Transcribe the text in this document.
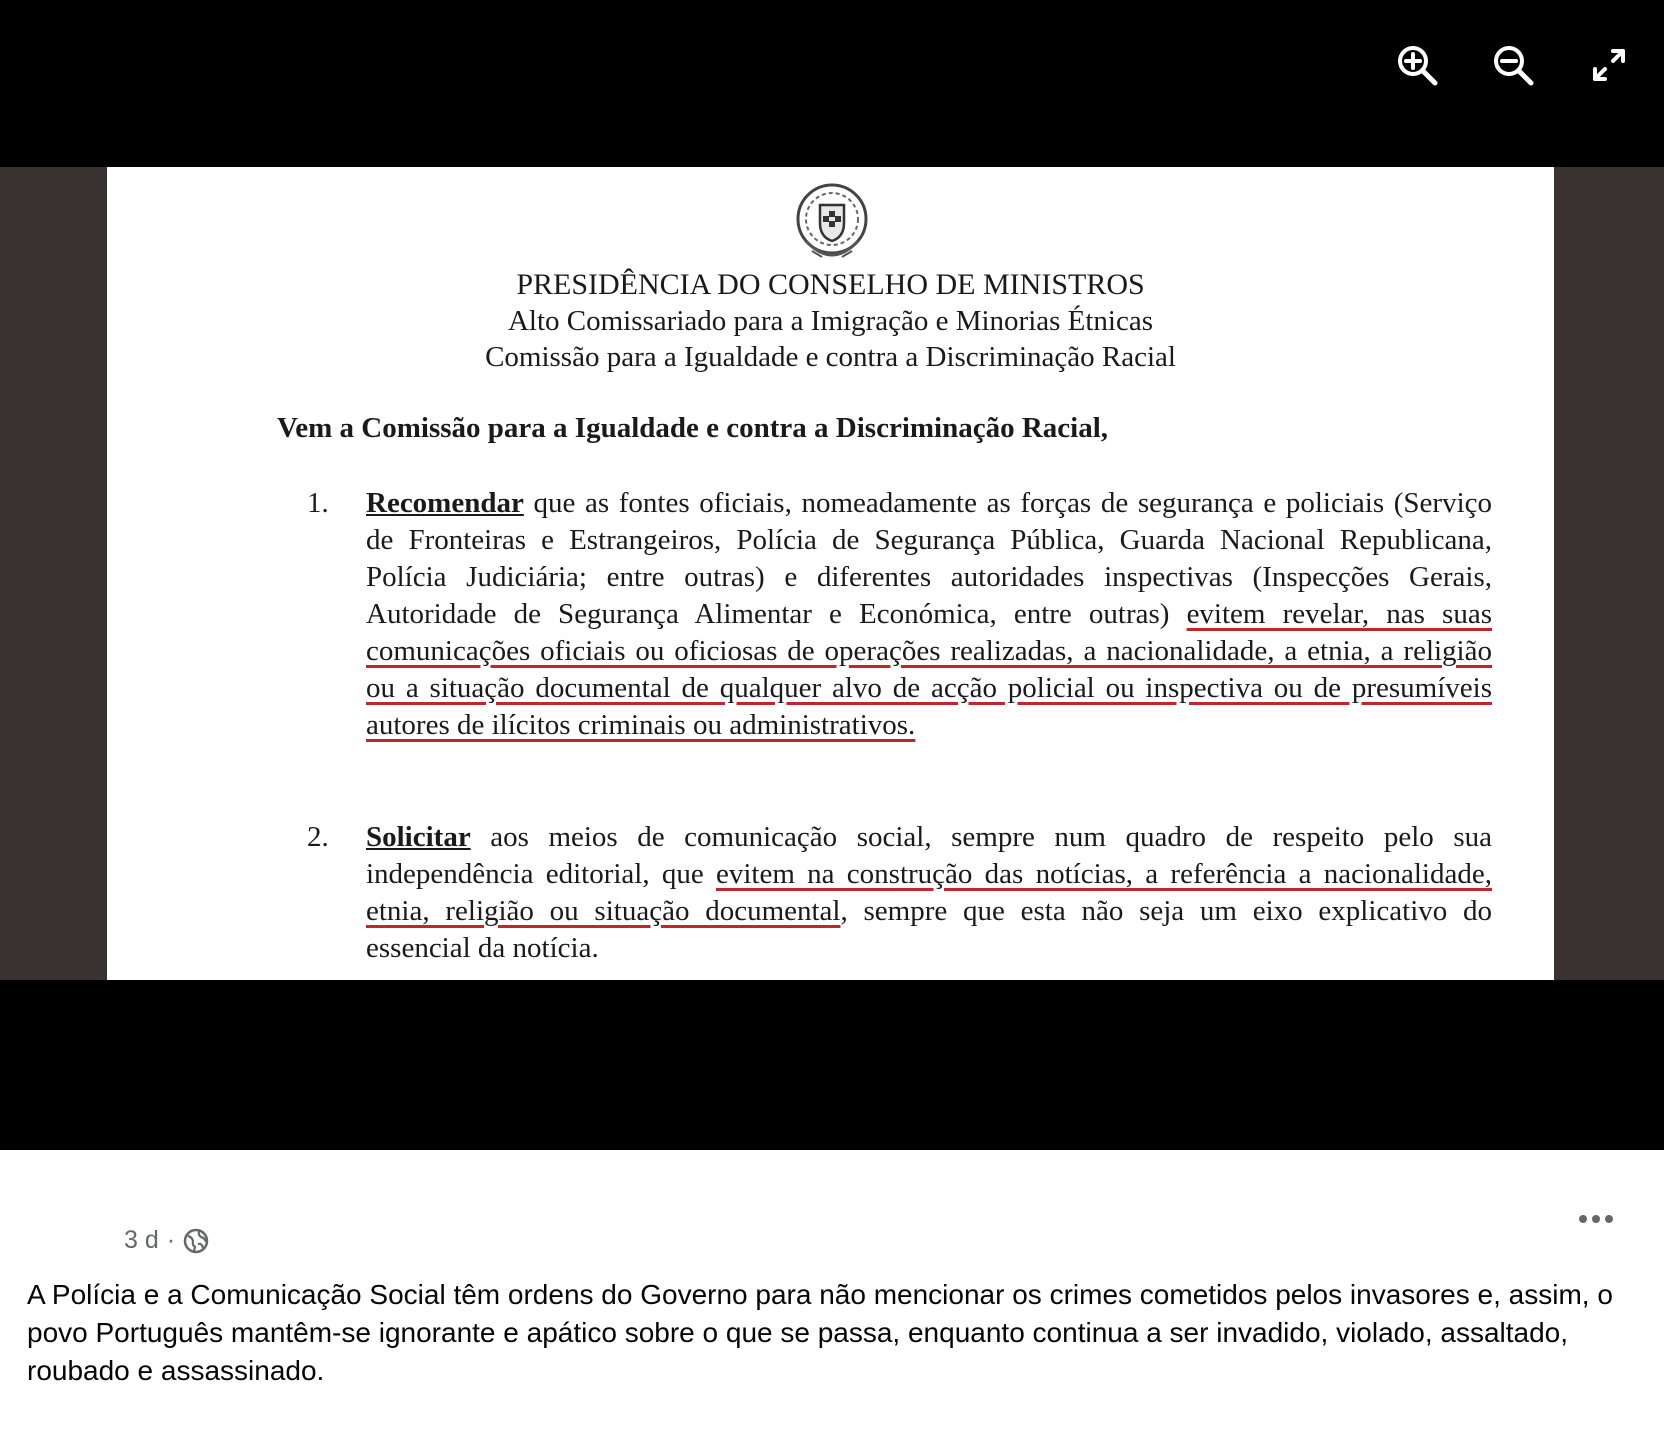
PRESIDÊNCIA DO CONSELHO DE MINISTROS
Alto Comissariado para a Imigração e Minorias Étnicas
Comissão para a Igualdade e contra a Discriminação Racial
Vem a Comissão para a Igualdade e contra a Discriminação Racial,
1. Recomendar que as fontes oficiais, nomeadamente as forças de segurança e policiais (Serviço de Fronteiras e Estrangeiros, Polícia de Segurança Pública, Guarda Nacional Republicana, Polícia Judiciária; entre outras) e diferentes autoridades inspectivas (Inspecções Gerais, Autoridade de Segurança Alimentar e Económica, entre outras) evitem revelar, nas suas comunicações oficiais ou oficiosas de operações realizadas, a nacionalidade, a etnia, a religião ou a situação documental de qualquer alvo de acção policial ou inspectiva ou de presumíveis autores de ilícitos criminais ou administrativos.
2. Solicitar aos meios de comunicação social, sempre num quadro de respeito pelo sua independência editorial, que evitem na construção das notícias, a referência a nacionalidade, etnia, religião ou situação documental, sempre que esta não seja um eixo explicativo do essencial da notícia.
3 d ·
A Polícia e a Comunicação Social têm ordens do Governo para não mencionar os crimes cometidos pelos invasores e, assim, o povo Português mantêm-se ignorante e apático sobre o que se passa, enquanto continua a ser invadido, violado, assaltado, roubado e assassinado.
